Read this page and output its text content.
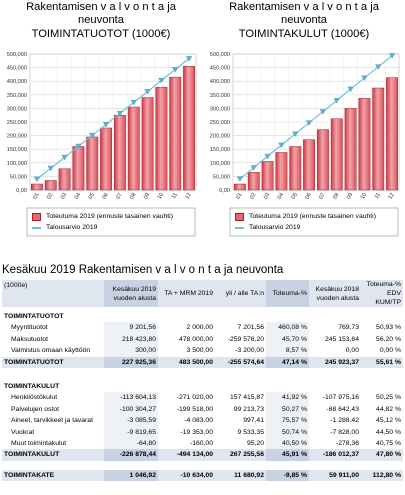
0,00
50,000
100,000
150,000
200,000
250,000
300,000
350,000
400,000
450,000
500,000
01 02 03 04 05 06 07 08 09 10 11 12
Rakentamisen v a l v o n t a ja
neuvonta
TOIMINTATUOTOT (1000€)
Toteutuma 2019 (ennuste tasainen vauhti)
Talousarvio 2019
0,00
50,000
100,000
150,000
200,000
250,000
300,000
350,000
400,000
450,000
500,000
01 02 03 04 05 06 07 08 09 10 11 12
Rakentamisen v a l v o n t a ja
neuvonta
TOIMINTAKULUT (1000€)
Toteutuma 2019 (ennuste tasainen vauhti)
Talousarvio 2019
Kesäkuu 2019 Rakentamisen v a l v o n t a ja neuvonta
(1000e)	Kesäkuu 2019 vuoden alusta	TA + MRM 2019	yli / alle TA:n	Toteuma-%	Kesäkuu 2018 vuoden alusta	Toteuma-% EDV KUM/TP
TOIMINTATUOTOT						
Myyntituotot	9 201,56	2 000,00	7 201,56	460,08 %	769,73	50,93 %
Maksutuotot	218 423,80	478 000,00	-259 576,20	45,70 %	245 153,64	56,20 %
Valmistus omaan käyttöön	300,00	3 500,00	-3 200,00	8,57 %	0,00	0,00 %
TOIMINTATUOTOT	227 925,36	483 500,00	-255 574,64	47,14 %	245 923,37	55,61 %

TOIMINTAKULUT						
Henkilöstökulut	-113 604,13	-271 020,00	157 415,87	41,92 %	-107 975,16	50,25 %
Palvelujen ostot	-100 304,27	-199 518,00	99 213,73	50,27 %	-68 642,43	44,82 %
Aineet, tarvikkeet ja tavarat	-3 085,59	-4 083,00	997,41	75,57 %	-1 288,42	45,12 %
Vuokrat	-9 819,65	-19 353,00	9 533,35	50,74 %	-7 828,00	44,50 %
Muut toimintakulut	-64,80	-160,00	95,20	40,50 %	-278,36	40,75 %
TOIMINTAKULUT	-226 878,44	-494 134,00	267 255,56	45,91 %	-186 012,37	47,80 %

TOIMINTAKATE	1 046,92	-10 634,00	11 680,92	-9,85 %	59 911,00	112,80 %
